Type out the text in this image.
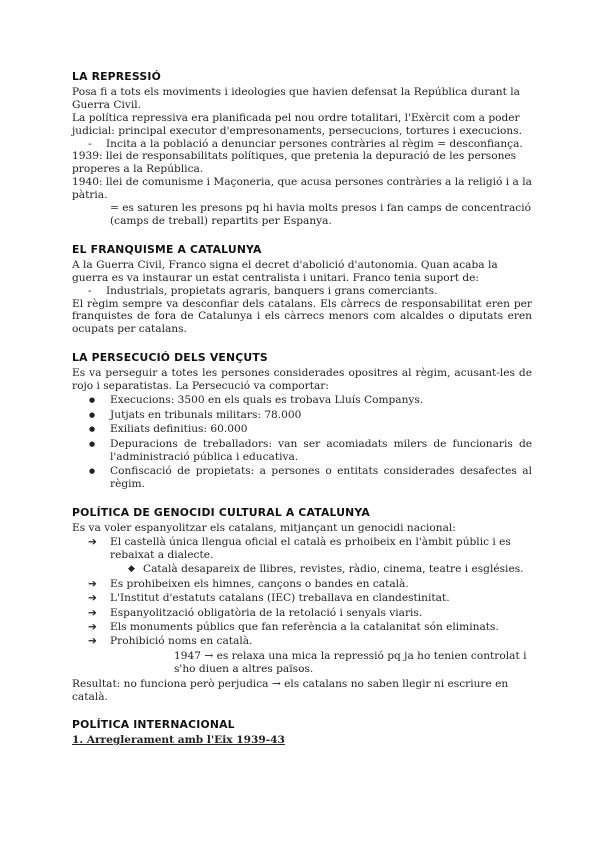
LA REPRESSIÓ

Posa fi a tots els moviments i ideologies que havien defensat la República durant la Guerra Civil.

La política repressiva era planificada pel nou ordre totalitari, l'Exèrcit com a poder judicial: principal executor d'empresonaments, persecucions, tortures i execucions.

- Incita a la població a denunciar persones contràries al règim = desconfiança.

1939: llei de responsabilitats polítiques, que pretenia la depuració de les persones properes a la República.

1940: llei de comunisme i Maçoneria, que acusa persones contràries a la religió i a la pàtria.

= es saturen les presons pq hi havia molts presos i fan camps de concentració (camps de treball) repartits per Espanya.

EL FRANQUISME A CATALUNYA

A la Guerra Civil, Franco signa el decret d'abolició d'autonomia. Quan acaba la guerra es va instaurar un estat centralista i unitari. Franco tenia suport de:

- Industrials, propietats agraris, banquers i grans comerciants.

El règim sempre va desconfiar dels catalans. Els càrrecs de responsabilitat eren per franquistes de fora de Catalunya i els càrrecs menors com alcaldes o diputats eren ocupats per catalans.

LA PERSECUCIÓ DELS VENÇUTS

Es va perseguir a totes les persones considerades opositres al règim, acusant-les de rojo i separatistas. La Persecució va comportar:

● Execucions: 3500 en els quals es trobava Lluís Companys.

● Jutjats en tribunals militars: 78.000

● Exiliats definitius: 60.000

● Depuracions de treballadors: van ser acomiadats milers de funcionaris de l'administració pública i educativa.

● Confiscació de propietats: a persones o entitats considerades desafectes al règim.

POLÍTICA DE GENOCIDI CULTURAL A CATALUNYA

Es va voler espanyolitzar els catalans, mitjançant un genocidi nacional:

➔ El castellà única llengua oficial el català es prhoibeix en l'àmbit públic i es rebaixat a dialecte.
◆ Català desapareix de llibres, revistes, ràdio, cinema, teatre i esglésies.
➔ Es prohibeixen els himnes, cançons o bandes en català.
➔ L'Institut d'estatuts catalans (IEC) treballava en clandestinitat.
➔ Espanyolització obligatòria de la retolació i senyals viaris.
➔ Els monuments públics que fan referència a la catalanitat són eliminats.
➔ Prohibició noms en català.

1947 → es relaxa una mica la repressió pq ja ho tenien controlat i s'ho diuen a altres països.

Resultat: no funciona però perjudica → els catalans no saben llegir ni escriure en català.

POLÍTICA INTERNACIONAL
1. Arreglerament amb l'Eix 1939-43
